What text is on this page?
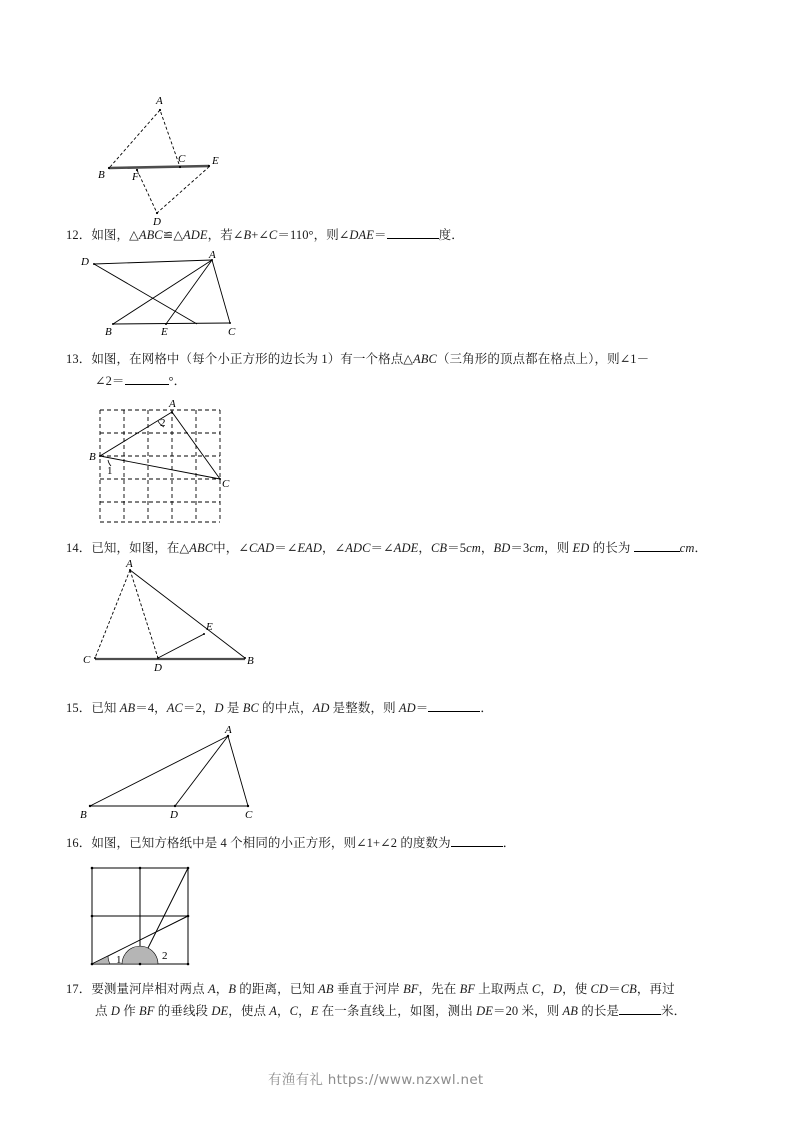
A
B F
C E
D
12．如图，△ABC≌△ADE，若∠B+∠C＝110°，则∠DAE＝	度．
D
A
B	E	C
13．如图，在网格中（每个小正方形的边长为 1）有一个格点△ABC（三角形的顶点都在格点上），则∠1－
∠2＝	°．
A
B
C
2
1
14．已知，如图，在△ABC中，∠CAD＝∠EAD，∠ADC＝∠ADE，CB＝5cm，BD＝3cm，则 ED 的长为	cm．
A
C
D
B
E
15．已知 AB＝4，AC＝2，D 是 BC 的中点，AD 是整数，则 AD＝	．
A
B	D	C
16．如图，已知方格纸中是 4 个相同的小正方形，则∠1+∠2 的度数为	．
1	2
17．要测量河岸相对两点 A，B 的距离，已知 AB 垂直于河岸 BF，先在 BF 上取两点 C，D，使 CD＝CB，再过
点 D 作 BF 的垂线段 DE，使点 A，C，E 在一条直线上，如图，测出 DE＝20 米，则 AB 的长是	米．
有渔有礼 https://www.nzxwl.net
